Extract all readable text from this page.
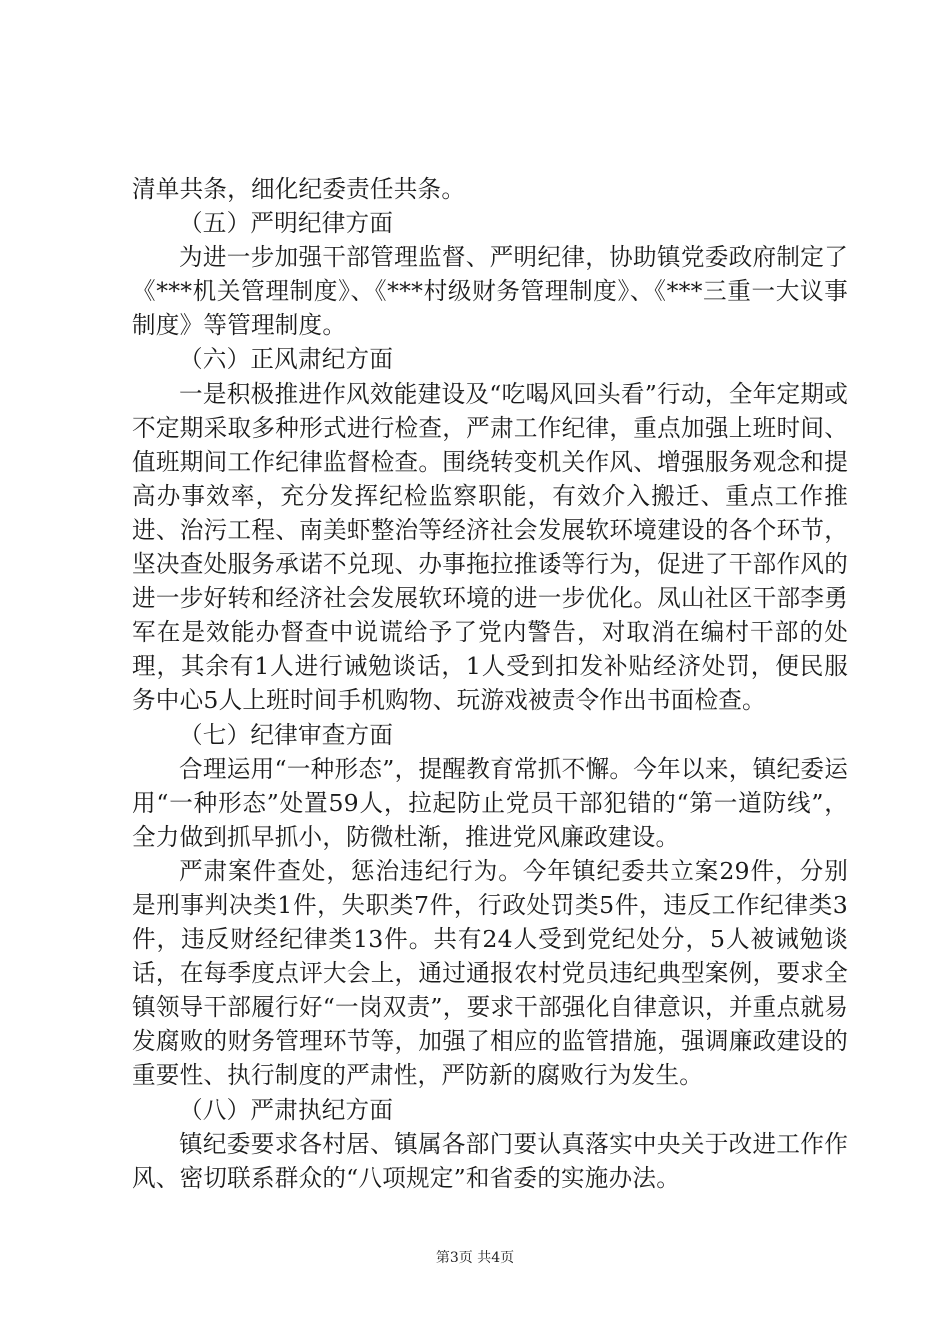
清单共条，细化纪委责任共条。

（五）严明纪律方面

为进一步加强干部管理监督、严明纪律，协助镇党委政府制定了《***机关管理制度》、《***村级财务管理制度》、《***三重一大议事制度》等管理制度。

（六）正风肃纪方面

一是积极推进作风效能建设及“吃喝风回头看”行动，全年定期或不定期采取多种形式进行检查，严肃工作纪律，重点加强上班时间、值班期间工作纪律监督检查。围绕转变机关作风、增强服务观念和提高办事效率，充分发挥纪检监察职能，有效介入搬迁、重点工作推进、治污工程、南美虾整治等经济社会发展软环境建设的各个环节，坚决查处服务承诺不兑现、办事拖拉推诿等行为，促进了干部作风的进一步好转和经济社会发展软环境的进一步优化。凤山社区干部李勇军在是效能办督查中说谎给予了党内警告，对取消在编村干部的处理，其余有1人进行诫勉谈话，1人受到扣发补贴经济处罚，便民服务中心5人上班时间手机购物、玩游戏被责令作出书面检查。

（七）纪律审查方面

合理运用“一种形态”，提醒教育常抓不懈。今年以来，镇纪委运用“一种形态”处置59人，拉起防止党员干部犯错的“第一道防线”，全力做到抓早抓小，防微杜渐，推进党风廉政建设。

严肃案件查处，惩治违纪行为。今年镇纪委共立案29件，分别是刑事判决类1件，失职类7件，行政处罚类5件，违反工作纪律类3件，违反财经纪律类13件。共有24人受到党纪处分，5人被诫勉谈话，在每季度点评大会上，通过通报农村党员违纪典型案例，要求全镇领导干部履行好“一岗双责”，要求干部强化自律意识，并重点就易发腐败的财务管理环节等，加强了相应的监管措施，强调廉政建设的重要性、执行制度的严肃性，严防新的腐败行为发生。

（八）严肃执纪方面

镇纪委要求各村居、镇属各部门要认真落实中央关于改进工作作风、密切联系群众的“八项规定”和省委的实施办法。

第3页 共4页
